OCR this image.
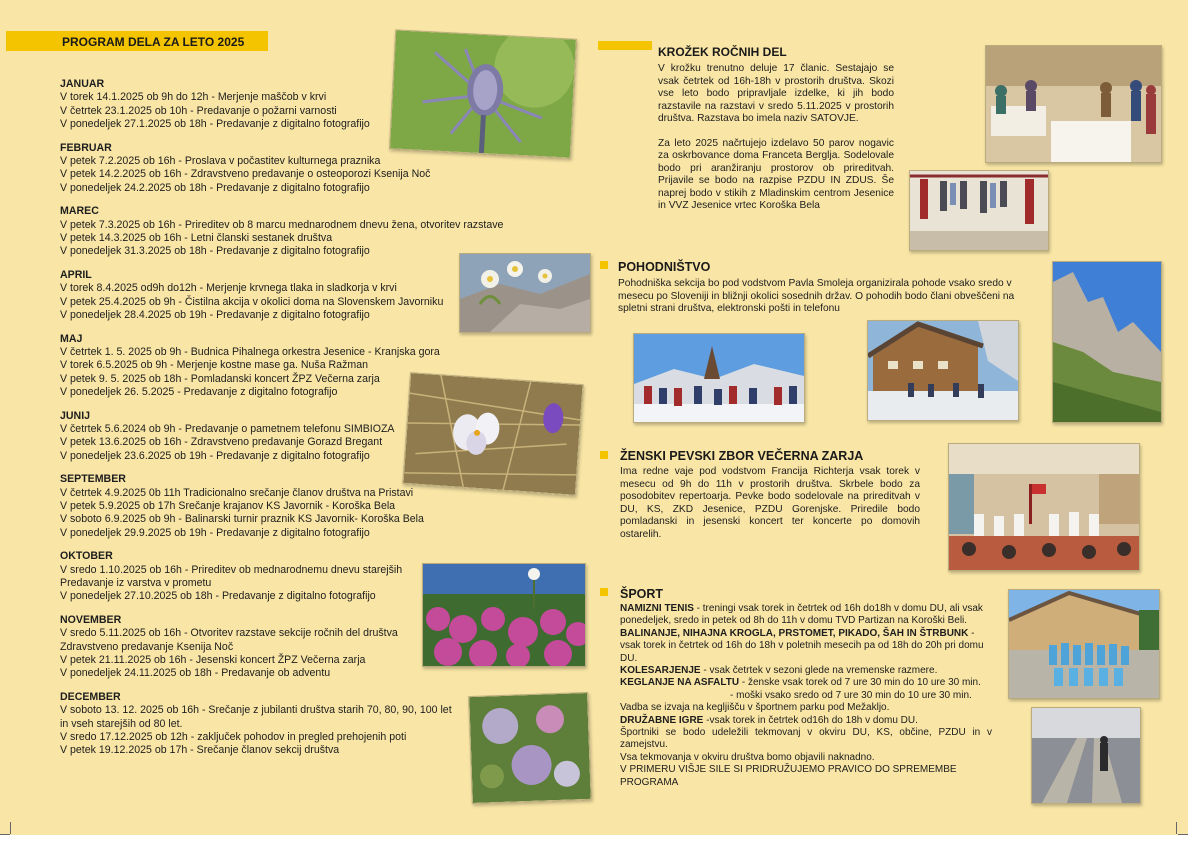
PROGRAM DELA ZA LETO 2025
JANUAR
V torek 14.1.2025 ob 9h do 12h - Merjenje maščob v krvi
V četrtek 23.1.2025 ob 10h - Predavanje o požarni varnosti
V ponedeljek 27.1.2025 ob 18h - Predavanje z digitalno fotografijo
FEBRUAR
V petek 7.2.2025 ob 16h - Proslava v počastitev kulturnega praznika
V petek 14.2.2025 ob 16h - Zdravstveno predavanje o osteoporozi Ksenija Noč
V ponedeljek 24.2.2025 ob 18h - Predavanje z digitalno fotografijo
MAREC
V petek 7.3.2025 ob 16h - Prireditev ob 8 marcu mednarodnem dnevu žena, otvoritev razstave
V petek 14.3.2025 ob 16h - Letni članski sestanek društva
V ponedeljek 31.3.2025 ob 18h - Predavanje z digitalno fotografijo
APRIL
V torek 8.4.2025 od9h do12h - Merjenje krvnega tlaka in sladkorja v krvi
V petek 25.4.2025 ob 9h - Čistilna akcija v okolici doma na Slovenskem Javorniku
V ponedeljek 28.4.2025 ob 19h - Predavanje z digitalno fotografijo
MAJ
V četrtek 1. 5. 2025 ob 9h - Budnica Pihalnega orkestra Jesenice - Kranjska gora
V torek 6.5.2025 ob 9h - Merjenje kostne mase ga. Nuša Ražman
V petek 9. 5. 2025 ob 18h - Pomladanski koncert ŽPZ Večerna zarja
V ponedeljek 26. 5.2025 - Predavanje z digitalno fotografijo
JUNIJ
V četrtek 5.6.2024 ob 9h - Predavanje o pametnem telefonu SIMBIOZA
V petek 13.6.2025 ob 16h - Zdravstveno predavanje Gorazd Bregant
V ponedeljek 23.6.2025 ob 19h - Predavanje z digitalno fotografijo
SEPTEMBER
V četrtek 4.9.2025 0b 11h Tradicionalno srečanje članov društva na Pristavi
V petek 5.9.2025 ob 17h Srečanje krajanov KS Javornik - Koroška Bela
V soboto 6.9.2025 ob 9h - Balinarski turnir praznik KS Javornik- Koroška Bela
V ponedeljek 29.9.2025 ob 19h - Predavanje z digitalno fotografijo
OKTOBER
V sredo 1.10.2025 ob 16h - Prireditev ob mednarodnemu dnevu starejših
Predavanje iz varstva v prometu
V ponedeljek 27.10.2025 ob 18h - Predavanje z digitalno fotografijo
NOVEMBER
V sredo 5.11.2025 ob 16h - Otvoritev razstave sekcije ročnih del društva
Zdravstveno predavanje Ksenija Noč
V petek 21.11.2025 ob 16h - Jesenski koncert ŽPZ Večerna zarja
V ponedeljek 24.11.2025 ob 18h - Predavanje ob adventu
DECEMBER
V soboto 13. 12. 2025 ob 16h - Srečanje z jubilanti društva starih 70, 80, 90, 100 let
in vseh starejših od 80 let.
V sredo 17.12.2025 ob 12h - zaključek pohodov in pregled prehojenih poti
V petek 19.12.2025 ob 17h - Srečanje članov sekcij društva
KROŽEK ROČNIH DEL

V krožku trenutno deluje 17 članic. Sestajajo se vsak četrtek od 16h-18h v prostorih društva. Skozi vse leto bodo pripravljale izdelke, ki jih bodo razstavile na razstavi v sredo 5.11.2025 v prostorih društva. Razstava bo imela naziv SATOVJE.

Za leto 2025 načrtujejo izdelavo 50 parov nogavic za oskrbovance doma Franceta Berglja. Sodelovale bodo pri aranžiranju prostorov ob prireditvah. Prijavile se bodo na razpise PZDU IN ZDUS. Še naprej bodo v stikih z Mladinskim centrom Jesenice in VVZ Jesenice vrtec Koroška Bela

POHODNIŠTVO
Pohodniška sekcija bo pod vodstvom Pavla Smoleja organizirala pohode vsako sredo v mesecu po Sloveniji in bližnji okolici sosednih držav. O pohodih bodo člani obveščeni na spletni strani društva, elektronski pošti in telefonu
ŽENSKI PEVSKI ZBOR VEČERNA ZARJA
Ima redne vaje pod vodstvom Francija Richterja vsak torek v mesecu od 9h do 11h v prostorih društva. Skrbele bodo za posodobitev repertoarja. Pevke bodo sodelovale na prireditvah v DU, KS, ZKD Jesenice, PZDU Gorenjske. Priredile bodo pomladanski in jesenski koncert ter koncerte po domovih ostarelih.
ŠPORT
NAMIZNI TENIS - treningi vsak torek in četrtek od 16h do18h v domu DU, ali vsak ponedeljek, sredo in petek od 8h do 11h v domu TVD Partizan na Koroški Beli.
BALINANJE, NIHAJNA KROGLA, PRSTOMET, PIKADO, ŠAH IN ŠTRBUNK - vsak torek in četrtek od 16h do 18h v poletnih mesecih pa od 18h do 20h pri domu DU.
KOLESARJENJE - vsak četrtek v sezoni glede na vremenske razmere.
KEGLANJE NA ASFALTU - ženske vsak torek od 7 ure 30 min do 10 ure 30 min.
- moški vsako sredo od 7 ure 30 min do 10 ure 30 min.
Vadba se izvaja na kegljišču v športnem parku pod Mežakljo.
DRUŽABNE IGRE -vsak torek in četrtek od16h do 18h v domu DU.
Športniki se bodo udeležili tekmovanj v okviru DU, KS, občine, PZDU in v zamejstvu.
Vsa tekmovanja v okviru društva bomo objavili naknadno.
V PRIMERU VIŠJE SILE SI PRIDRUŽUJEMO PRAVICO DO SPREMEMBE PROGRAMA
